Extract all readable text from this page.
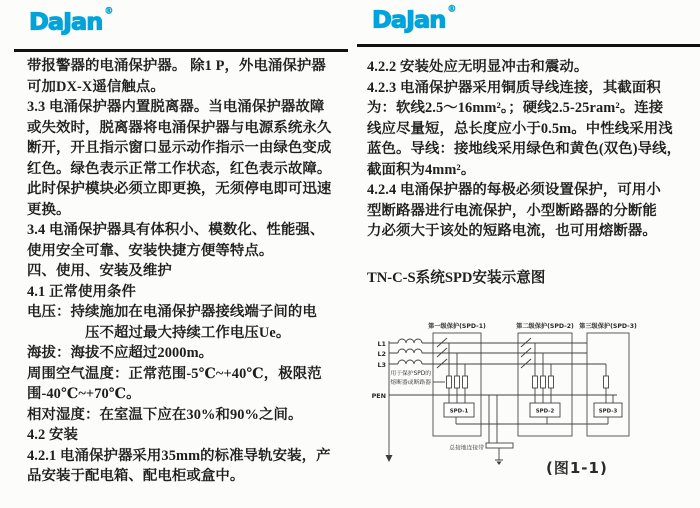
DaJan ®	DaJan ®
带报警器的电涌保护器。 除1 P，外电涌保护器
可加DX-X遥信触点。
3.3 电涌保护器内置脱离器。当电涌保护器故障
或失效时，脱离器将电涌保护器与电源系统永久
断开，开且指示窗口显示动作指示一由绿色变成
红色。绿色表示正常工作状态，红色表示故障。
此时保护模块必须立即更换，无须停电即可迅速
更换。
3.4 电涌保护器具有体积小、模数化、性能强、
使用安全可靠、安装快捷方便等特点。
四、使用、安装及维护
4.1 正常使用条件
电压：持续施加在电涌保护器接线端子间的电
压不超过最大持续工作电压Ue。
海拔：海拔不应超过2000m。
周围空气温度：正常范围-5℃~+40℃，极限范
围-40℃~+70℃。
相对湿度：在室温下应在30%和90%之间。
4.2 安装
4.2.1 电涌保护器采用35mm的标准导轨安装，产
品安装于配电箱、配电柜或盒中。
4.2.2 安装处应无明显冲击和震动。
4.2.3 电涌保护器采用铜质导线连接，其截面积
为：软线2.5～16mm²。；硬线2.5-25ram²。连接
线应尽量短，总长度应小于0.5m。中性线采用浅
蓝色。导线：接地线采用绿色和黄色(双色)导线，
截面积为4mm²。
4.2.4 电涌保护器的每极必须设置保护，可用小
型断路器进行电流保护，小型断路器的分断能
力必须大于该处的短路电流，也可用熔断器。
TN-C-S系统SPD安装示意图
第一级保护(SPD-1)	第二级保护(SPD-2) 第三级保护(SPD-3)
L1
L2
L3
PEN
SPD-1	SPD-2	SPD-3
用于保护SPD的
熔断器或断路器
总接地连接带
(图1-1)
